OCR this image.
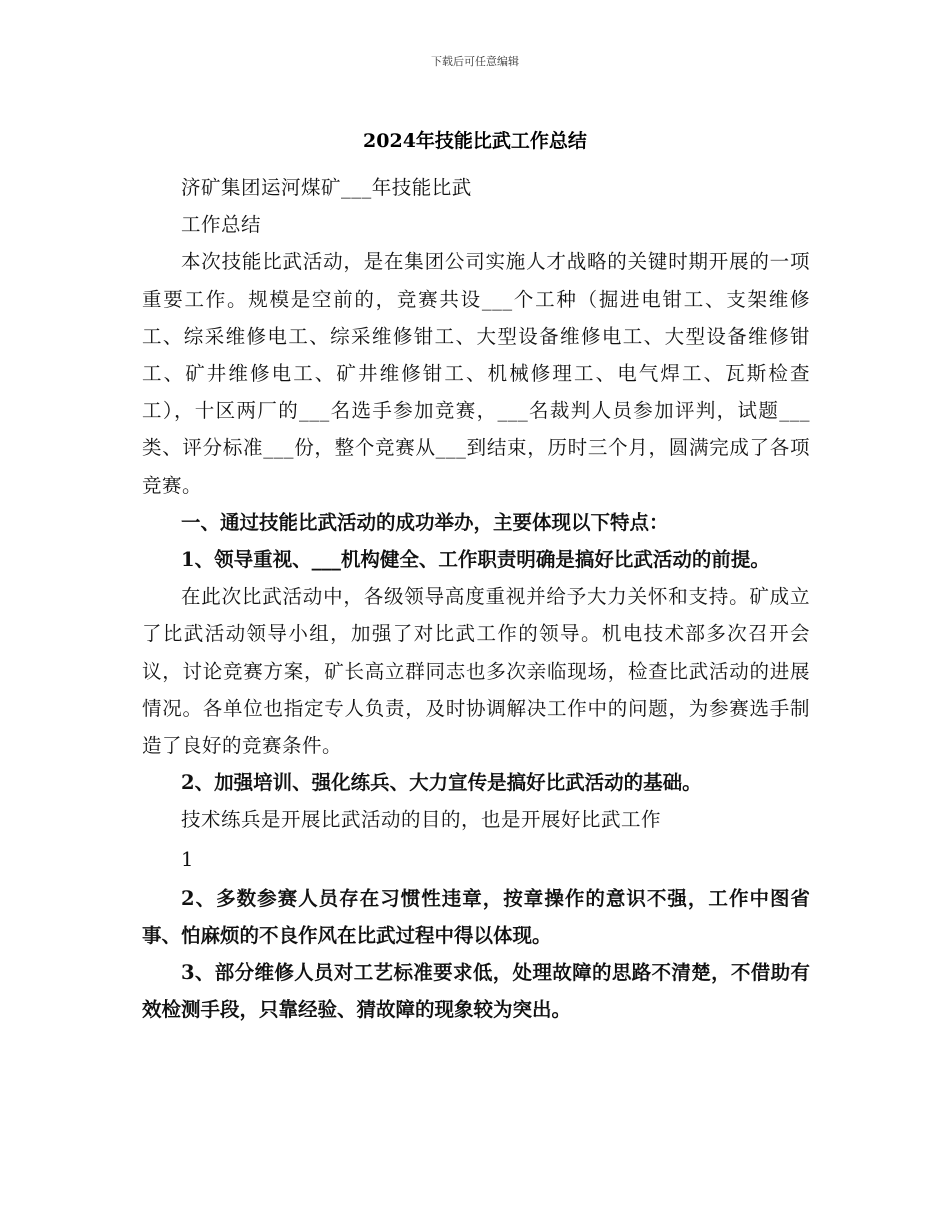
下载后可任意编辑
2024年技能比武工作总结

济矿集团运河煤矿___年技能比武

工作总结

本次技能比武活动，是在集团公司实施人才战略的关键时期开展的一项重要工作。规模是空前的，竞赛共设___个工种（掘进电钳工、支架维修工、综采维修电工、综采维修钳工、大型设备维修电工、大型设备维修钳工、矿井维修电工、矿井维修钳工、机械修理工、电气焊工、瓦斯检查工），十区两厂的___名选手参加竞赛，___名裁判人员参加评判，试题___类、评分标准___份，整个竞赛从___到结束，历时三个月，圆满完成了各项竞赛。

一、通过技能比武活动的成功举办，主要体现以下特点：

1、领导重视、___机构健全、工作职责明确是搞好比武活动的前提。

在此次比武活动中，各级领导高度重视并给予大力关怀和支持。矿成立了比武活动领导小组，加强了对比武工作的领导。机电技术部多次召开会议，讨论竞赛方案，矿长高立群同志也多次亲临现场，检查比武活动的进展情况。各单位也指定专人负责，及时协调解决工作中的问题，为参赛选手制造了良好的竞赛条件。

2、加强培训、强化练兵、大力宣传是搞好比武活动的基础。

技术练兵是开展比武活动的目的，也是开展好比武工作

1

2、多数参赛人员存在习惯性违章，按章操作的意识不强，工作中图省事、怕麻烦的不良作风在比武过程中得以体现。

3、部分维修人员对工艺标准要求低，处理故障的思路不清楚，不借助有效检测手段，只靠经验、猜故障的现象较为突出。
